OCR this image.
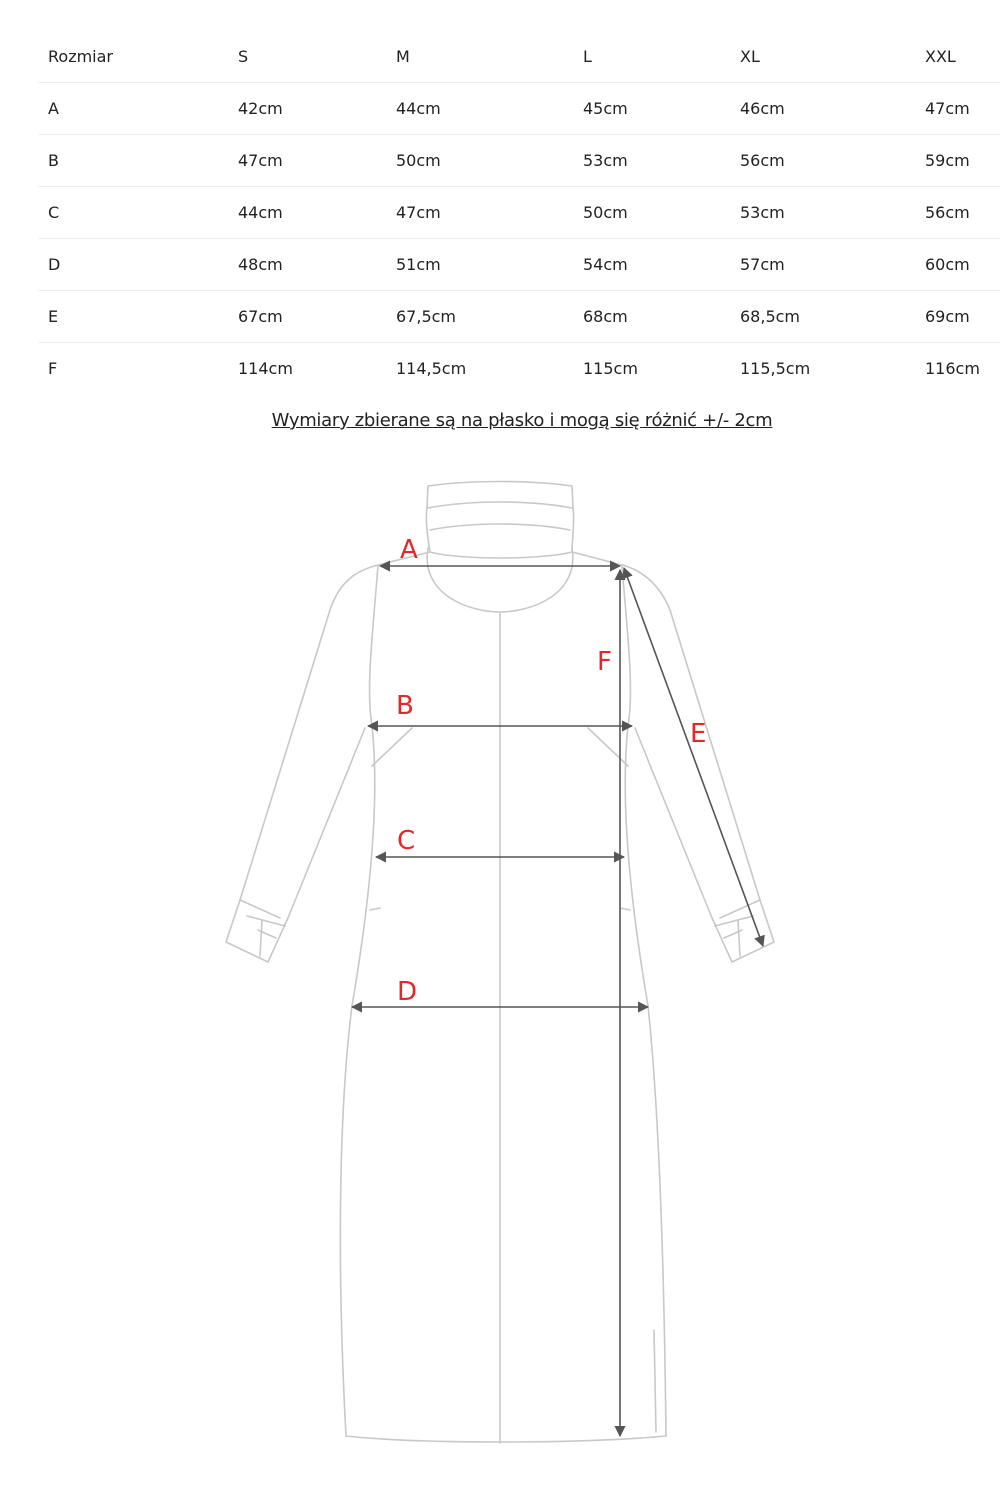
Rozmiar	S	M	L	XL	XXL
A	42cm	44cm	45cm	46cm	47cm
B	47cm	50cm	53cm	56cm	59cm
C	44cm	47cm	50cm	53cm	56cm
D	48cm	51cm	54cm	57cm	60cm
E	67cm	67,5cm	68cm	68,5cm	69cm
F	114cm	114,5cm	115cm	115,5cm	116cm
Wymiary zbierane są na płasko i mogą się różnić +/- 2cm
A
B
C
D
F
E
